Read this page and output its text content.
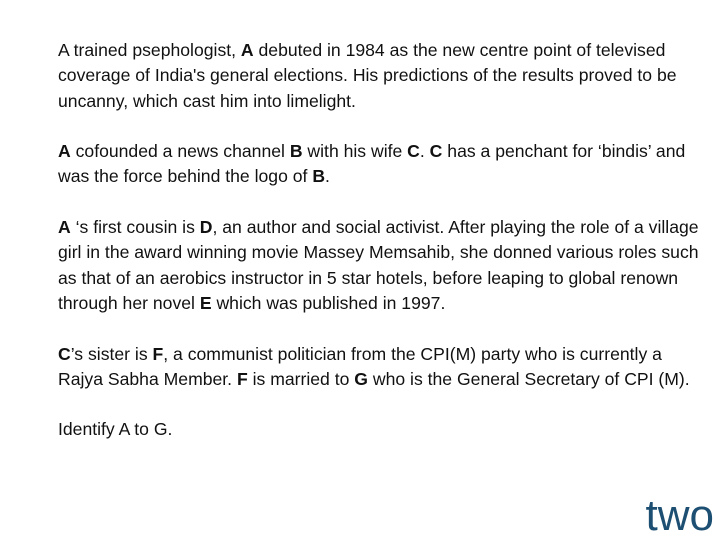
A trained psephologist, A debuted in 1984 as the new centre point of televised coverage of India's general elections. His predictions of the results proved to be uncanny, which cast him into limelight.

A cofounded a news channel B with his wife C. C has a penchant for ‘bindis’ and was the force behind the logo of B.

A ‘s first cousin is D, an author and social activist. After playing the role of a village girl in the award winning movie Massey Memsahib, she donned various roles such as that of an aerobics instructor in 5 star hotels, before leaping to global renown through her novel E which was published in 1997.

C’s sister is F, a communist politician from the CPI(M) party who is currently a Rajya Sabha Member. F is married to G who is the General Secretary of CPI (M).

Identify A to G.

two
